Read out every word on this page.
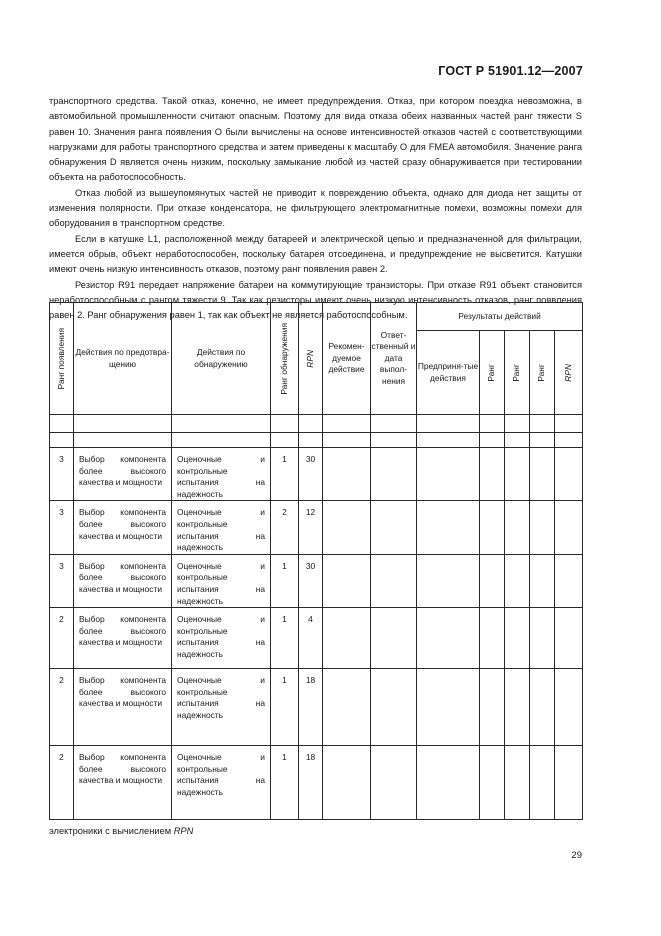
ГОСТ Р 51901.12—2007

транспортного средства. Такой отказ, конечно, не имеет предупреждения. Отказ, при котором поездка невозможна, в автомобильной промышленности считают опасным. Поэтому для вида отказа обеих названных частей ранг тяжести S равен 10. Значения ранга появления O были вычислены на основе интенсивностей отказов частей с соответствующими нагрузками для работы транспортного средства и затем приведены к масштабу O для FMEA автомобиля. Значение ранга обнаружения D является очень низким, поскольку замыкание любой из частей сразу обнаруживается при тестировании объекта на работоспособность.

Отказ любой из вышеупомянутых частей не приводит к повреждению объекта, однако для диода нет защиты от изменения полярности. При отказе конденсатора, не фильтрующего электромагнитные помехи, возможны помехи для оборудования в транспортном средстве.

Если в катушке L1, расположенной между батареей и электрической цепью и предназначенной для фильтрации, имеется обрыв, объект неработоспособен, поскольку батарея отсоединена, и предупреждение не высветится. Катушки имеют очень низкую интенсивность отказов, поэтому ранг появления равен 2.

Резистор R91 передает напряжение батареи на коммутирующие транзисторы. При отказе R91 объект становится неработоспособным с рангом тяжести 9. Так как резисторы имеют очень низкую интенсивность отказов, ранг появления равен 2. Ранг обнаружения равен 1, так как объект не является работоспособным.

Ранг появления	Действия по предотвра-щению	Действия по обнаружению	Ранг обнаружения	RPN	Рекомен-дуемое действие	Ответ-ственный и дата выпол-нения	Результаты действий				
							Предприня-тые действия	Ранг	Ранг	Ранг	RPN

3	Выбор компонента более высокого качества и мощности	Оценочные и контрольные испытания на надежность	1	30							
3	Выбор компонента более высокого качества и мощности	Оценочные и контрольные испытания на надежность	2	12							
3	Выбор компонента более высокого качества и мощности	Оценочные и контрольные испытания на надежность	1	30							
2	Выбор компонента более высокого качества и мощности	Оценочные и контрольные испытания на надежность	1	4							
2	Выбор компонента более высокого качества и мощности	Оценочные и контрольные испытания на надежность	1	18							
2	Выбор компонента более высокого качества и мощности	Оценочные и контрольные испытания на надежность	1	18							
электроники с вычислением RPN
29
